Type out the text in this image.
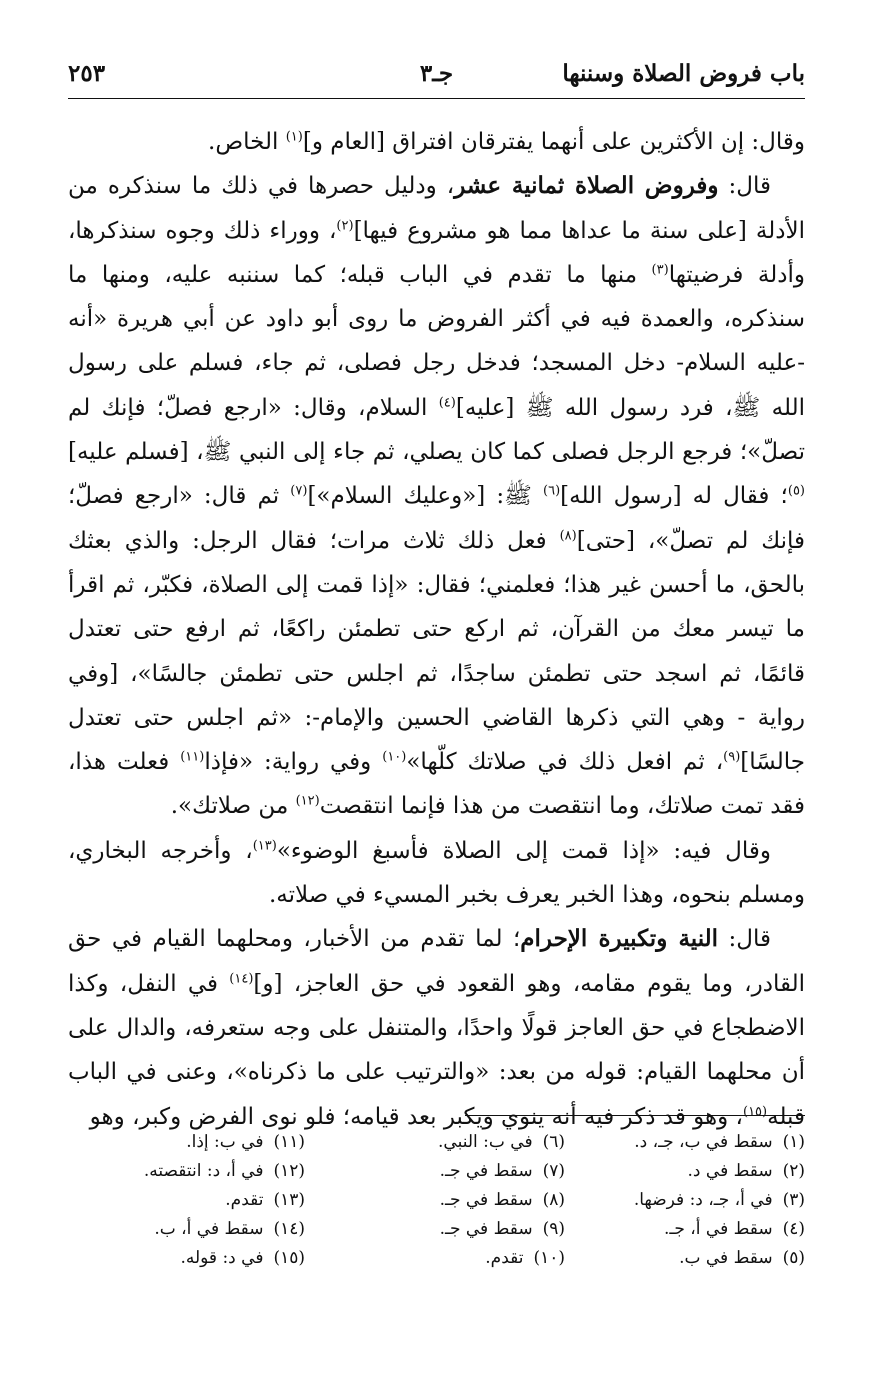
باب فروض الصلاة وسننها
جـ٣
٢٥٣

وقال: إن الأكثرين على أنهما يفترقان افتراق [العام و]$^{(١)}$ الخاص.

قال: وفروض الصلاة ثمانية عشر، ودليل حصرها في ذلك ما سنذكره من الأدلة [على سنة ما عداها مما هو مشروع فيها]$^{(٢)}$، ووراء ذلك وجوه سنذكرها، وأدلة فرضيتها$^{(٣)}$ منها ما تقدم في الباب قبله؛ كما سننبه عليه، ومنها ما سنذكره، والعمدة فيه في أكثر الفروض ما روى أبو داود عن أبي هريرة «أنه -عليه السلام- دخل المسجد؛ فدخل رجل فصلى، ثم جاء، فسلم على رسول الله ﷺ، فرد رسول الله ﷺ [عليه]$^{(٤)}$ السلام، وقال: «ارجع فصلّ؛ فإنك لم تصلّ»؛ فرجع الرجل فصلى كما كان يصلي، ثم جاء إلى النبي ﷺ، [فسلم عليه]$^{(٥)}$؛ فقال له [رسول الله]$^{(٦)}$ ﷺ: [«وعليك السلام»]$^{(٧)}$ ثم قال: «ارجع فصلّ؛ فإنك لم تصلّ»، [حتى]$^{(٨)}$ فعل ذلك ثلاث مرات؛ فقال الرجل: والذي بعثك بالحق، ما أحسن غير هذا؛ فعلمني؛ فقال: «إذا قمت إلى الصلاة، فكبّر، ثم اقرأ ما تيسر معك من القرآن، ثم اركع حتى تطمئن راكعًا، ثم ارفع حتى تعتدل قائمًا، ثم اسجد حتى تطمئن ساجدًا، ثم اجلس حتى تطمئن جالسًا»، [وفي رواية - وهي التي ذكرها القاضي الحسين والإمام-: «ثم اجلس حتى تعتدل جالسًا]$^{(٩)}$، ثم افعل ذلك في صلاتك كلّها»$^{(١٠)}$ وفي رواية: «فإذا$^{(١١)}$ فعلت هذا، فقد تمت صلاتك، وما انتقصت من هذا فإنما انتقصت$^{(١٢)}$ من صلاتك».

وقال فيه: «إذا قمت إلى الصلاة فأسبغ الوضوء»$^{(١٣)}$، وأخرجه البخاري، ومسلم بنحوه، وهذا الخبر يعرف بخبر المسيء في صلاته.

قال: النية وتكبيرة الإحرام؛ لما تقدم من الأخبار، ومحلهما القيام في حق القادر، وما يقوم مقامه، وهو القعود في حق العاجز، [و]$^{(١٤)}$ في النفل، وكذا الاضطجاع في حق العاجز قولًا واحدًا، والمتنفل على وجه ستعرفه، والدال على أن محلهما القيام: قوله من بعد: «والترتيب على ما ذكرناه»، وعنى في الباب قبله$^{(١٥)}$، وهو قد ذكر فيه أنه ينوي ويكبر بعد قيامه؛ فلو نوى الفرض وكبر، وهو

(١)سقط في ب، جـ، د.
(٢)سقط في د.
(٣)في أ، جـ، د: فرضها.
(٤)سقط في أ، جـ.
(٥)سقط في ب.
(٦)في ب: النبي.
(٧)سقط في جـ.
(٨)سقط في جـ.
(٩)سقط في جـ.
(١٠)تقدم.
(١١)في ب: إذا.
(١٢)في أ، د: انتقصته.
(١٣)تقدم.
(١٤)سقط في أ، ب.
(١٥)في د: قوله.
